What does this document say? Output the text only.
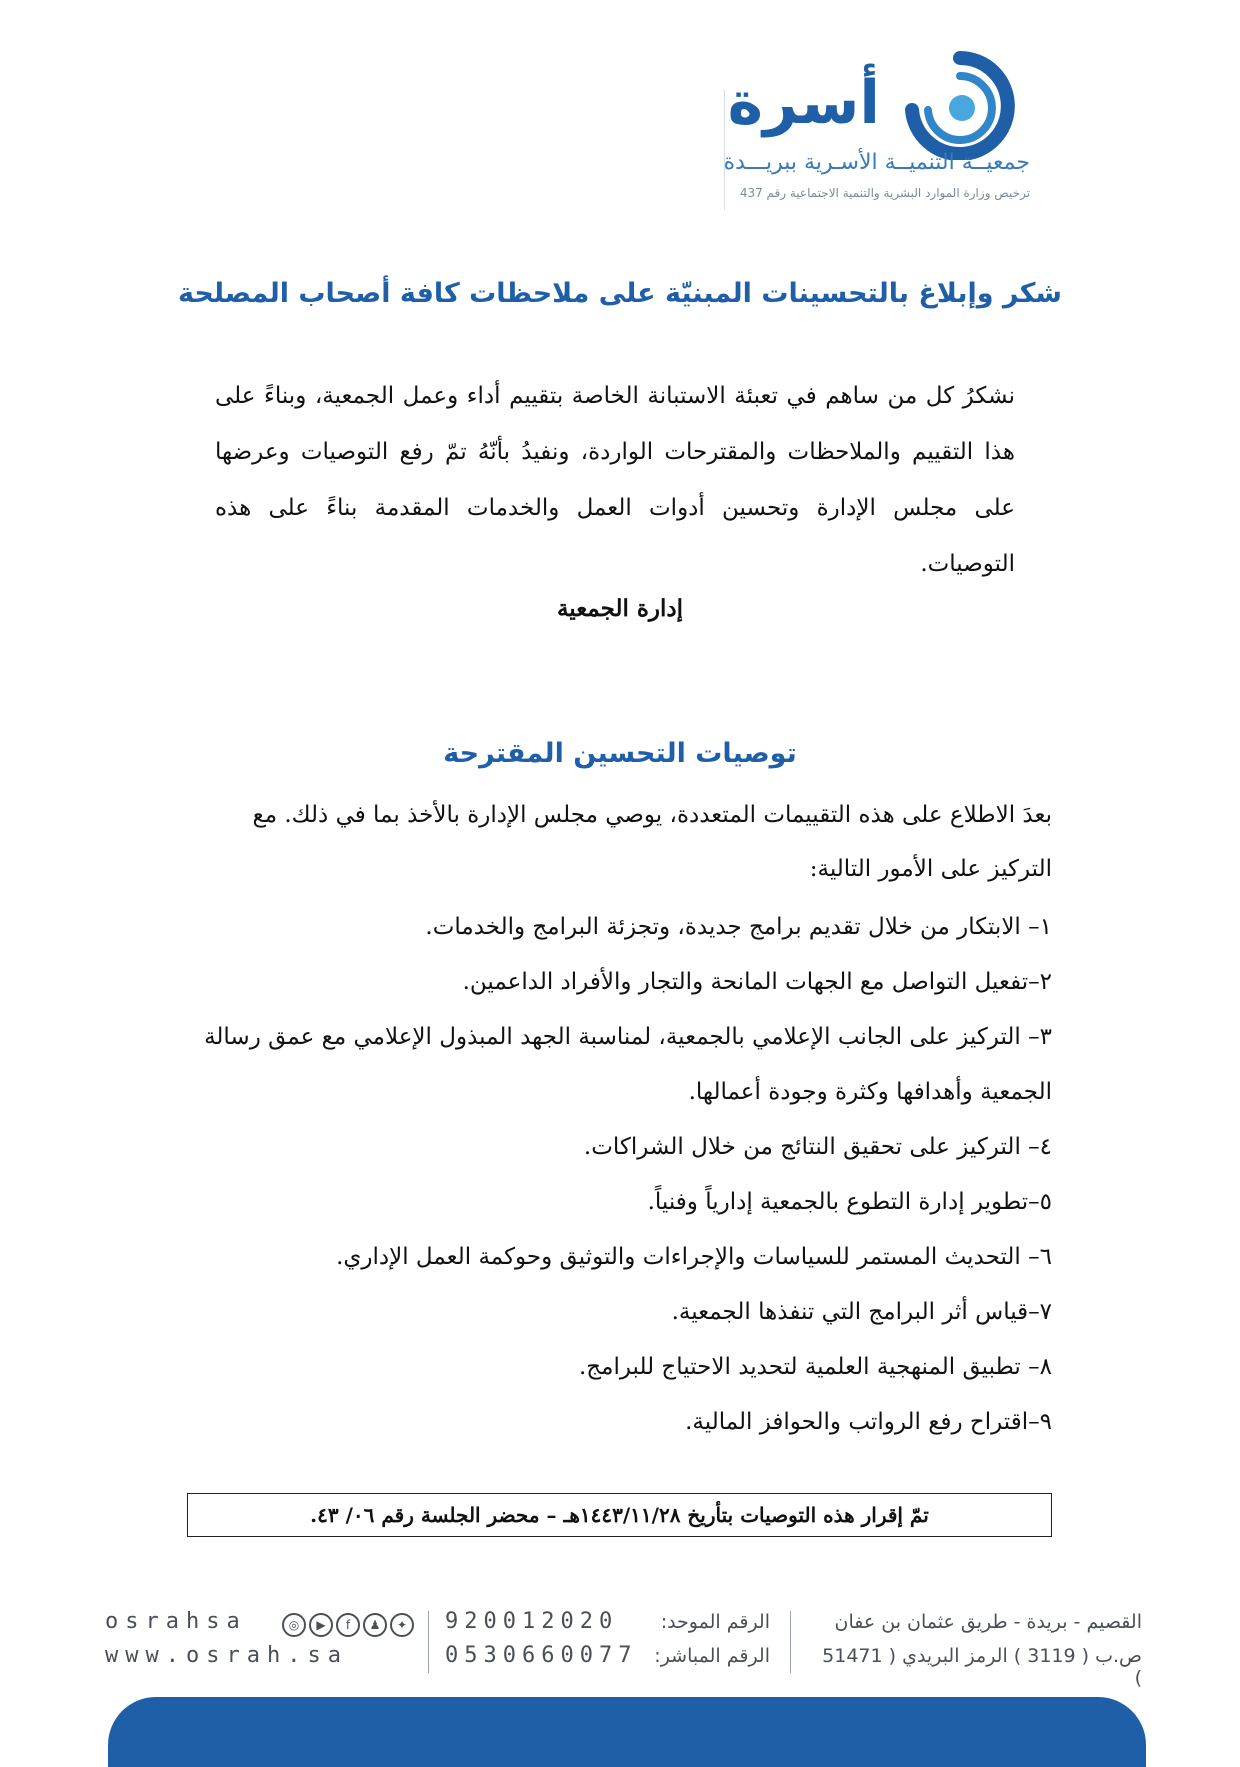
أسرة
جمعيــة التنميــة الأسـرية ببريـــدة
ترخيص وزارة الموارد البشرية والتنمية الاجتماعية رقم 437
شكر وإبلاغ بالتحسينات المبنيّة على ملاحظات كافة أصحاب المصلحة
نشكرُ كل من ساهم في تعبئة الاستبانة الخاصة بتقييم أداء وعمل الجمعية، وبناءً على هذا التقييم والملاحظات والمقترحات الواردة، ونفيدُ بأنّهُ تمّ رفع التوصيات وعرضها على مجلس الإدارة وتحسين أدوات العمل والخدمات المقدمة بناءً على هذه التوصيات.
إدارة الجمعية
توصيات التحسين المقترحة
بعدَ الاطلاع على هذه التقييمات المتعددة، يوصي مجلس الإدارة بالأخذ بما في ذلك. مع التركيز على الأمور التالية:
١– الابتكار من خلال تقديم برامج جديدة، وتجزئة البرامج والخدمات.
٢–تفعيل التواصل مع الجهات المانحة والتجار والأفراد الداعمين.
٣– التركيز على الجانب الإعلامي بالجمعية، لمناسبة الجهد المبذول الإعلامي مع عمق رسالة الجمعية وأهدافها وكثرة وجودة أعمالها.
٤– التركيز على تحقيق النتائج من خلال الشراكات.
٥–تطوير إدارة التطوع بالجمعية إدارياً وفنياً.
٦– التحديث المستمر للسياسات والإجراءات والتوثيق وحوكمة العمل الإداري.
٧–قياس أثر البرامج التي تنفذها الجمعية.
٨– تطبيق المنهجية العلمية لتحديد الاحتياج للبرامج.
٩–اقتراح رفع الرواتب والحوافز المالية.
تمّ إقرار هذه التوصيات بتأريخ ١٤٤٣/١١/٢٨هـ – محضر الجلسة رقم ٠٦/ ٤٣.
القصيم - بريدة - طريق عثمان بن عفان
ص.ب ( 3119 ) الرمز البريدي ( 51471 )
الرقم الموحد:
920012020
الرقم المباشر:
0530660077
◎	▶	f	♟	✦
osrahsa
www.osrah.sa
